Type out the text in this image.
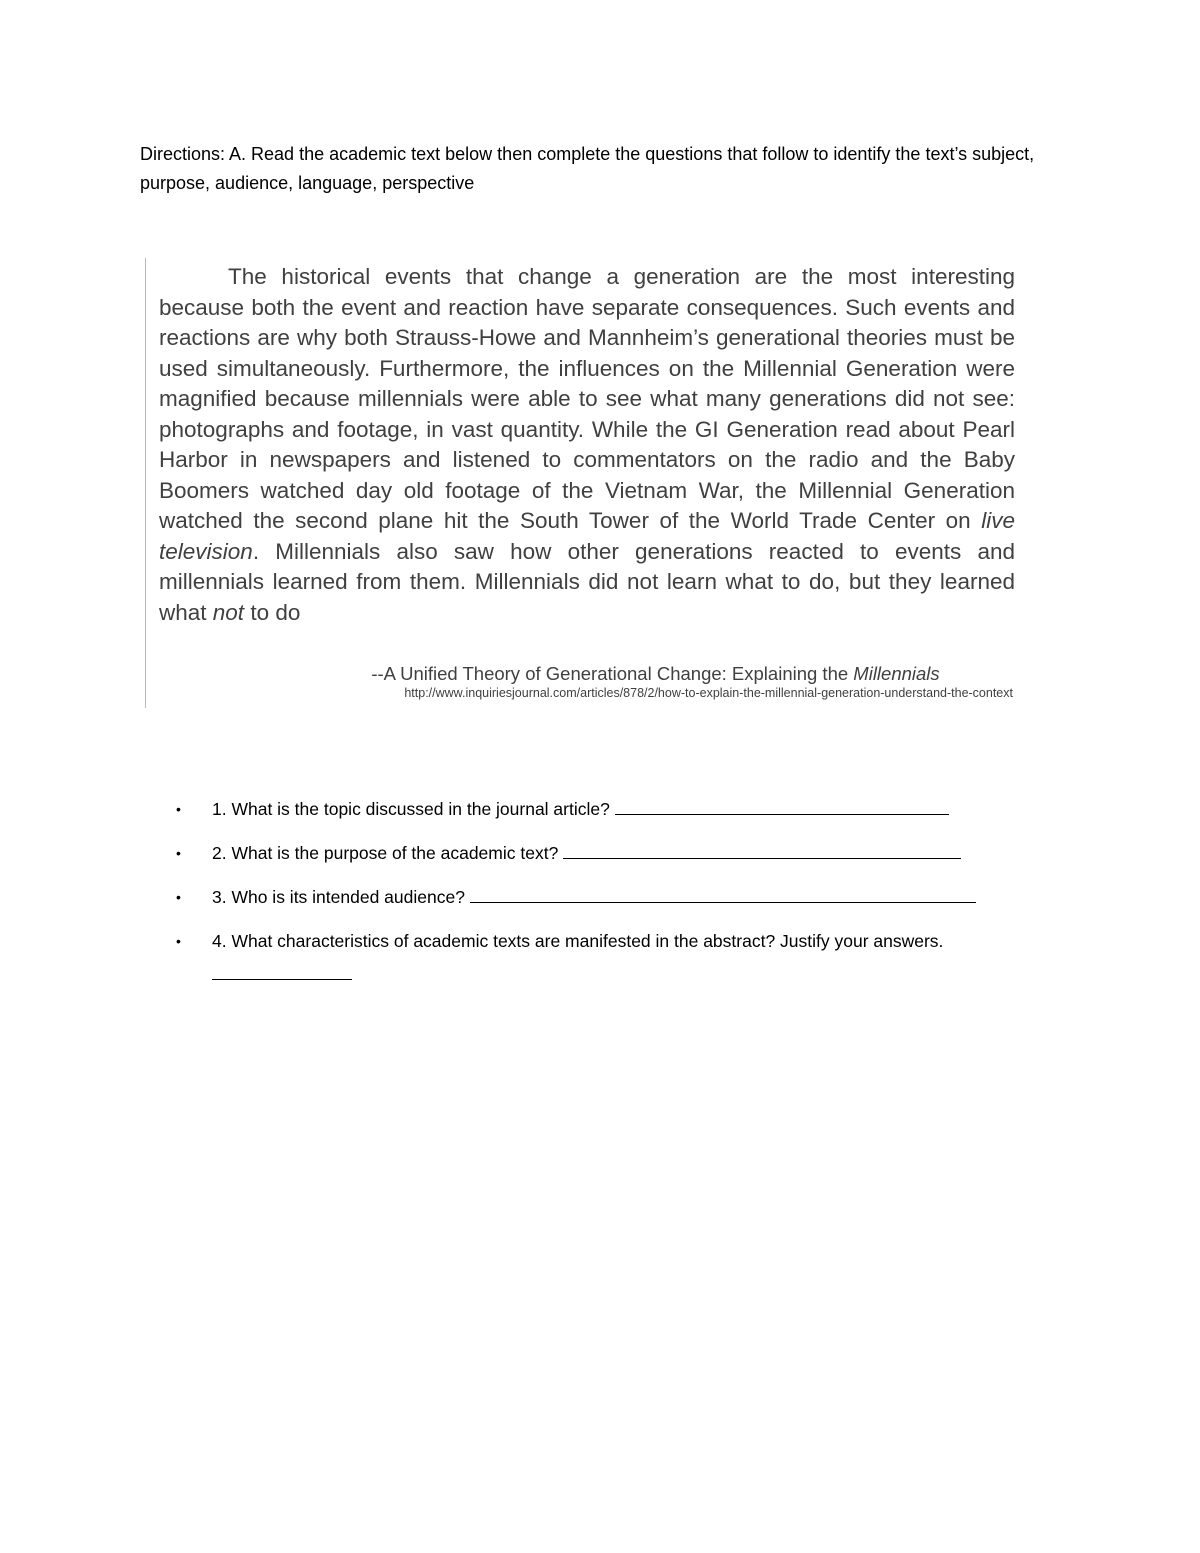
Directions: A. Read the academic text below then complete the questions that follow to identify the text’s subject, purpose, audience, language, perspective

The historical events that change a generation are the most interesting because both the event and reaction have separate consequences. Such events and reactions are why both Strauss-Howe and Mannheim’s generational theories must be used simultaneously. Furthermore, the influences on the Millennial Generation were magnified because millennials were able to see what many generations did not see: photographs and footage, in vast quantity. While the GI Generation read about Pearl Harbor in newspapers and listened to commentators on the radio and the Baby Boomers watched day old footage of the Vietnam War, the Millennial Generation watched the second plane hit the South Tower of the World Trade Center on live television. Millennials also saw how other generations reacted to events and millennials learned from them. Millennials did not learn what to do, but they learned what not to do

--A Unified Theory of Generational Change: Explaining the Millennials

http://www.inquiriesjournal.com/articles/878/2/how-to-explain-the-millennial-generation-understand-the-context

• 1. What is the topic discussed in the journal article?
• 2. What is the purpose of the academic text?
• 3. Who is its intended audience?
• 4. What characteristics of academic texts are manifested in the abstract? Justify your answers.
